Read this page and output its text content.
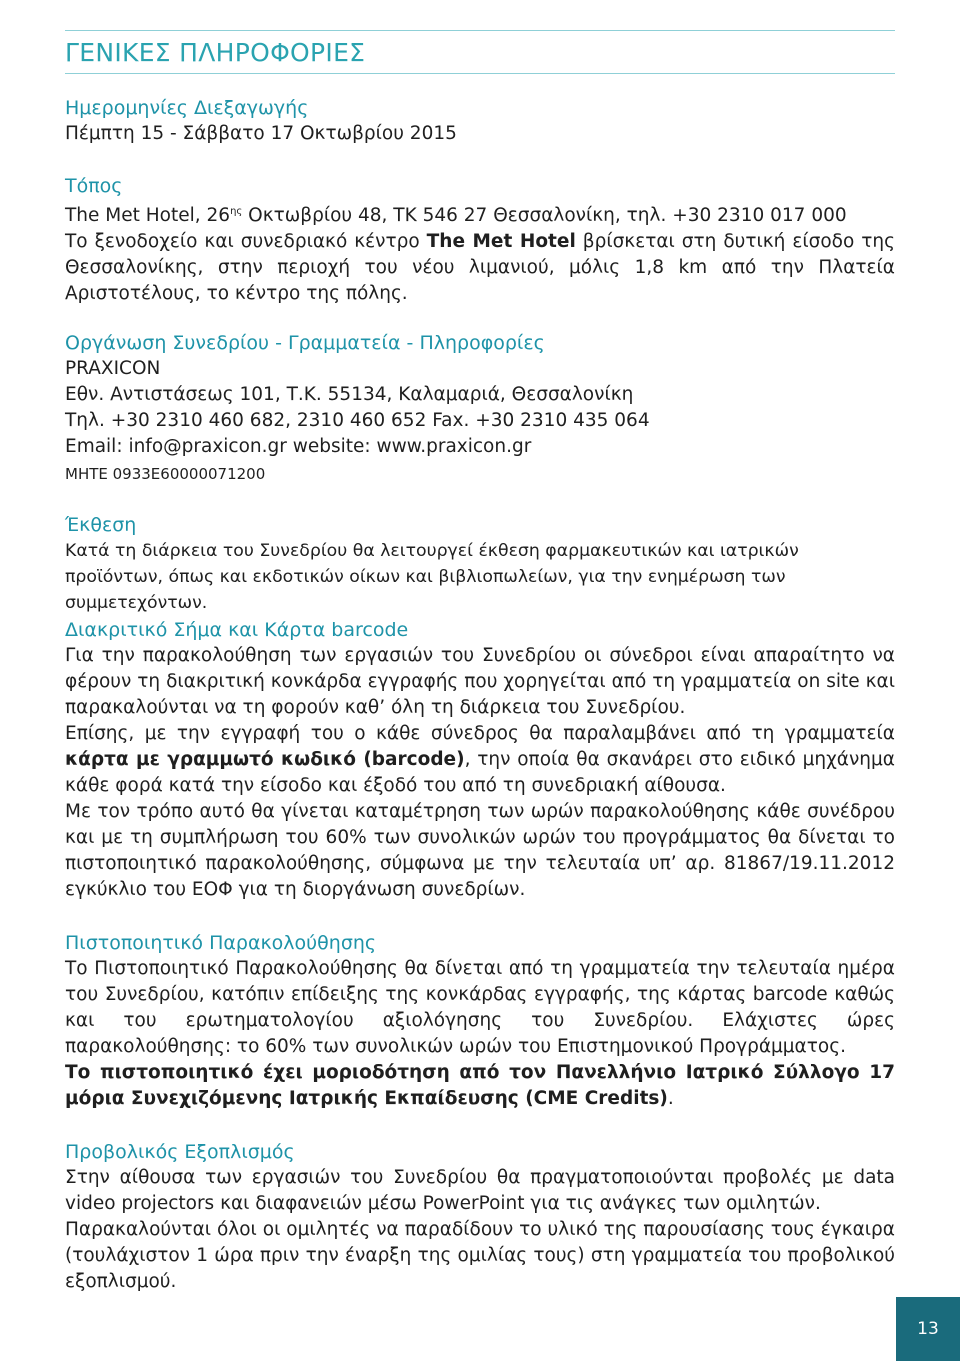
ΓΕΝΙΚΕΣ ΠΛΗΡΟΦΟΡΙΕΣ
Ημερομηνίες Διεξαγωγής

Πέμπτη 15 - Σάββατο 17 Οκτωβρίου 2015

Τόπος

The Met Hotel, $26^{\eta\varsigma}$ Οκτωβρίου 48, ΤΚ 546 27 Θεσσαλονίκη, τηλ. +30 2310 017 000

Το ξενοδοχείο και συνεδριακό κέντρο The Met Hotel βρίσκεται στη δυτική είσοδο της Θεσσαλονίκης, στην περιοχή του νέου λιμανιού, μόλις 1,8 km από την Πλατεία Αριστοτέλους, το κέντρο της πόλης.

Οργάνωση Συνεδρίου - Γραμματεία - Πληροφορίες

PRAXICON

Εθν. Αντιστάσεως 101, Τ.Κ. 55134, Καλαμαριά, Θεσσαλονίκη

Τηλ. +30 2310 460 682, 2310 460 652 Fax. +30 2310 435 064

Email: info@praxicon.gr website: www.praxicon.gr

ΜΗΤΕ 0933Ε60000071200

Έκθεση

Κατά τη διάρκεια του Συνεδρίου θα λειτουργεί έκθεση φαρμακευτικών και ιατρικών προϊόντων, όπως και εκδοτικών οίκων και βιβλιοπωλείων, για την ενημέρωση των συμμετεχόντων.

Διακριτικό Σήμα και Κάρτα barcode

Για την παρακολούθηση των εργασιών του Συνεδρίου οι σύνεδροι είναι απαραίτητο να φέρουν τη διακριτική κονκάρδα εγγραφής που χορηγείται από τη γραμματεία on site και παρακαλούνται να τη φορούν καθ’ όλη τη διάρκεια του Συνεδρίου.

Επίσης, με την εγγραφή του ο κάθε σύνεδρος θα παραλαμβάνει από τη γραμματεία κάρτα με γραμμωτό κωδικό (barcode), την οποία θα σκανάρει στο ειδικό μηχάνημα κάθε φορά κατά την είσοδο και έξοδό του από τη συνεδριακή αίθουσα.

Με τον τρόπο αυτό θα γίνεται καταμέτρηση των ωρών παρακολούθησης κάθε συνέδρου και με τη συμπλήρωση του 60% των συνολικών ωρών του προγράμματος θα δίνεται το πιστοποιητικό παρακολούθησης, σύμφωνα με την τελευταία υπ’ αρ. 81867/19.11.2012 εγκύκλιο του ΕΟΦ για τη διοργάνωση συνεδρίων.

Πιστοποιητικό Παρακολούθησης

Το Πιστοποιητικό Παρακολούθησης θα δίνεται από τη γραμματεία την τελευταία ημέρα του Συνεδρίου, κατόπιν επίδειξης της κονκάρδας εγγραφής, της κάρτας barcode καθώς και του ερωτηματολογίου αξιολόγησης του Συνεδρίου. Ελάχιστες ώρες παρακολούθησης: το 60% των συνολικών ωρών του Επιστημονικού Προγράμματος.

Το πιστοποιητικό έχει μοριοδότηση από τον Πανελλήνιο Ιατρικό Σύλλογο 17 μόρια Συνεχιζόμενης Ιατρικής Εκπαίδευσης (CME Credits).

Προβολικός Εξοπλισμός

Στην αίθουσα των εργασιών του Συνεδρίου θα πραγματοποιούνται προβολές με data video projectors και διαφανειών μέσω PowerPoint για τις ανάγκες των ομιλητών.

Παρακαλούνται όλοι οι ομιλητές να παραδίδουν το υλικό της παρουσίασης τους έγκαιρα (τουλάχιστον 1 ώρα πριν την έναρξη της ομιλίας τους) στη γραμματεία του προβολικού εξοπλισμού.

13
